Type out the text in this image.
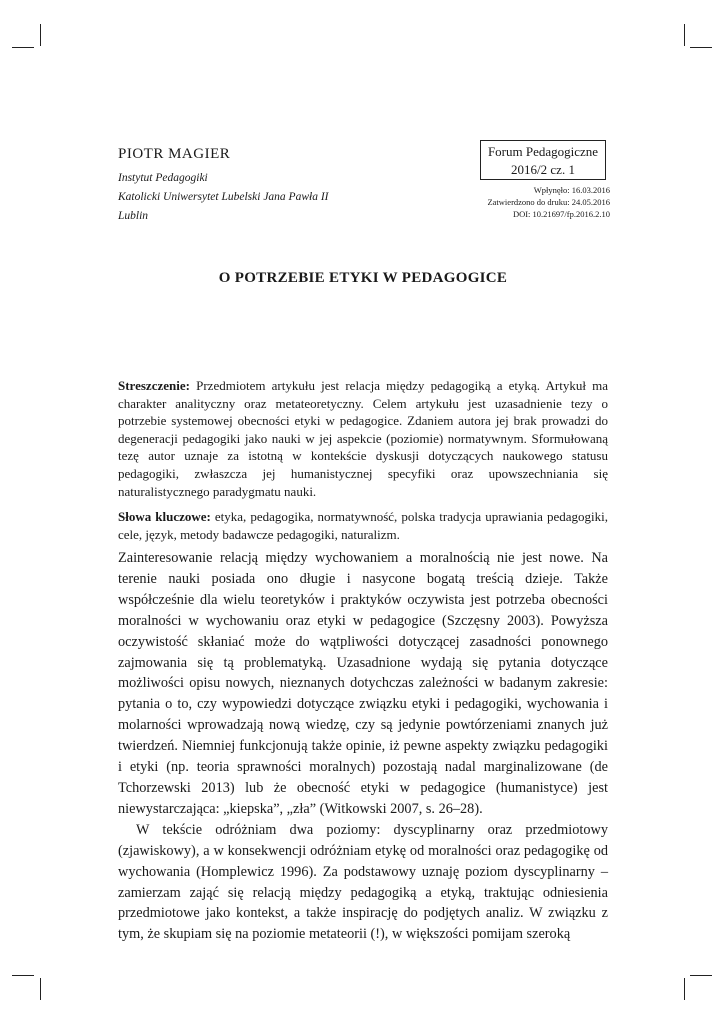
PIOTR MAGIER

Instytut Pedagogiki

Katolicki Uniwersytet Lubelski Jana Pawła II

Lublin

Forum Pedagogiczne
2016/2 cz. 1
Wpłynęło: 16.03.2016
Zatwierdzono do druku: 24.05.2016
DOI: 10.21697/fp.2016.2.10
O POTRZEBIE ETYKI W PEDAGOGICE

Streszczenie: Przedmiotem artykułu jest relacja między pedagogiką a etyką. Artykuł ma charakter analityczny oraz metateoretyczny. Celem artykułu jest uzasadnienie tezy o potrzebie systemowej obecności etyki w pedagogice. Zdaniem autora jej brak prowadzi do degeneracji pedagogiki jako nauki w jej aspekcie (poziomie) normatywnym. Sformułowaną tezę autor uznaje za istotną w kontekście dyskusji dotyczących naukowego statusu pedagogiki, zwłaszcza jej humanistycznej specyfiki oraz upowszechniania się naturalistycznego paradygmatu nauki.

Słowa kluczowe: etyka, pedagogika, normatywność, polska tradycja uprawiania pedagogiki, cele, język, metody badawcze pedagogiki, naturalizm.

Zainteresowanie relacją między wychowaniem a moralnością nie jest nowe. Na terenie nauki posiada ono długie i nasycone bogatą treścią dzieje. Także współcześnie dla wielu teoretyków i praktyków oczywista jest potrzeba obecności moralności w wychowaniu oraz etyki w pedagogice (Szczęsny 2003). Powyższa oczywistość skłaniać może do wątpliwości dotyczącej zasadności ponownego zajmowania się tą problematyką. Uzasadnione wydają się pytania dotyczące możliwości opisu nowych, nieznanych dotychczas zależności w badanym zakresie: pytania o to, czy wypowiedzi dotyczące związku etyki i pedagogiki, wychowania i molarności wprowadzają nową wiedzę, czy są jedynie powtórzeniami znanych już twierdzeń. Niemniej funkcjonują także opinie, iż pewne aspekty związku pedagogiki i etyki (np. teoria sprawności moralnych) pozostają nadal marginalizowane (de Tchorzewski 2013) lub że obecność etyki w pedagogice (humanistyce) jest niewystarczająca: „kiepska”, „zła” (Witkowski 2007, s. 26–28).

W tekście odróżniam dwa poziomy: dyscyplinarny oraz przedmiotowy (zjawiskowy), a w konsekwencji odróżniam etykę od moralności oraz pedagogikę od wychowania (Homplewicz 1996). Za podstawowy uznaję poziom dyscyplinarny – zamierzam zająć się relacją między pedagogiką a etyką, traktując odniesienia przedmiotowe jako kontekst, a także inspirację do podjętych analiz. W związku z tym, że skupiam się na poziomie metateorii (!), w większości pomijam szeroką
